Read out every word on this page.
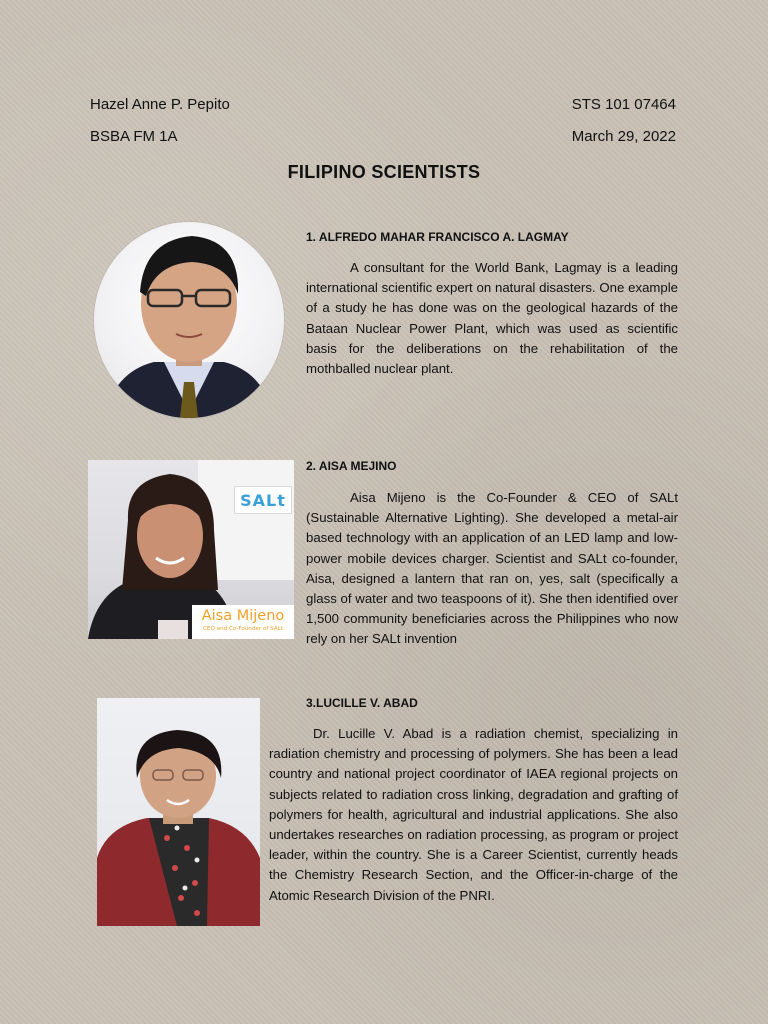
Hazel Anne P. Pepito	STS 101 07464
BSBA FM 1A	March 29, 2022
FILIPINO SCIENTISTS
1. ALFREDO MAHAR FRANCISCO A. LAGMAY

A consultant for the World Bank, Lagmay is a leading international scientific expert on natural disasters. One example of a study he has done was on the geological hazards of the Bataan Nuclear Power Plant, which was used as scientific basis for the deliberations on the rehabilitation of the mothballed nuclear plant.

SALt
Aisa Mijeno
CEO and Co-Founder of SALt
2. AISA MEJINO

Aisa Mijeno is the Co-Founder & CEO of SALt (Sustainable Alternative Lighting). She developed a metal-air based technology with an application of an LED lamp and low-power mobile devices charger. Scientist and SALt co-founder, Aisa, designed a lantern that ran on, yes, salt (specifically a glass of water and two teaspoons of it). She then identified over 1,500 community beneficiaries across the Philippines who now rely on her SALt invention

3.LUCILLE V. ABAD

Dr. Lucille V. Abad is a radiation chemist, specializing in radiation chemistry and processing of polymers. She has been a lead country and national project coordinator of IAEA regional projects on subjects related to radiation cross linking, degradation and grafting of polymers for health, agricultural and industrial applications. She also undertakes researches on radiation processing, as program or project leader, within the country. She is a Career Scientist, currently heads the Chemistry Research Section, and the Officer-in-charge of the Atomic Research Division of the PNRI.
